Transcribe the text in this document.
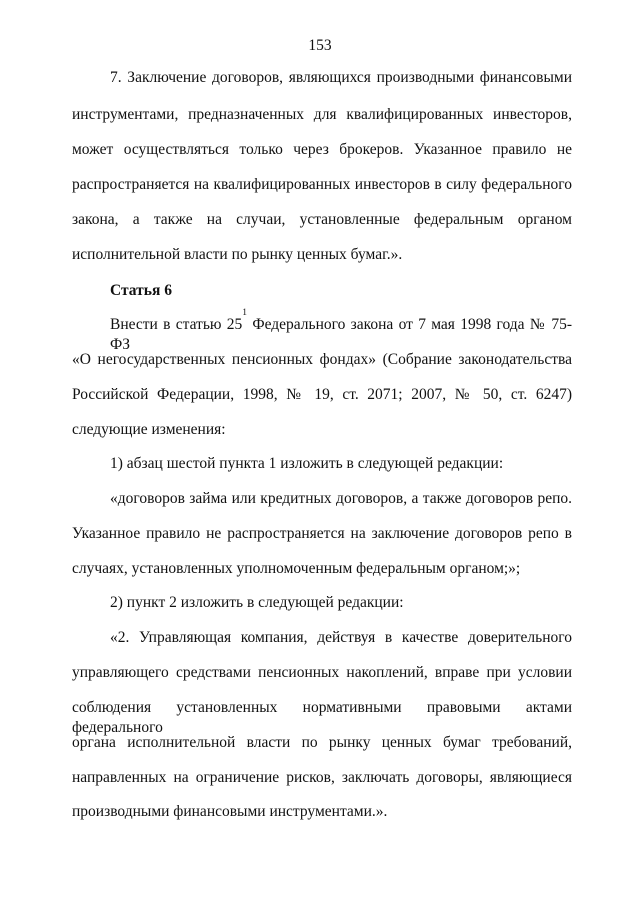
153
7. Заключение договоров, являющихся производными финансовыми
инструментами, предназначенных для квалифицированных инвесторов,
может осуществляться только через брокеров. Указанное правило не
распространяется на квалифицированных инвесторов в силу федерального
закона, а также на случаи, установленные федеральным органом
исполнительной власти по рынку ценных бумаг.».
Статья 6
Внести в статью $25^1$ Федерального закона от 7 мая 1998 года № 75-ФЗ
«О негосударственных пенсионных фондах» (Собрание законодательства
Российской Федерации, 1998, № 19, ст. 2071; 2007, № 50, ст. 6247)
следующие изменения:
1) абзац шестой пункта 1 изложить в следующей редакции:
«договоров займа или кредитных договоров, а также договоров репо.
Указанное правило не распространяется на заключение договоров репо в
случаях, установленных уполномоченным федеральным органом;»;
2) пункт 2 изложить в следующей редакции:
«2. Управляющая компания, действуя в качестве доверительного
управляющего средствами пенсионных накоплений, вправе при условии
соблюдения установленных нормативными правовыми актами федерального
органа исполнительной власти по рынку ценных бумаг требований,
направленных на ограничение рисков, заключать договоры, являющиеся
производными финансовыми инструментами.».
